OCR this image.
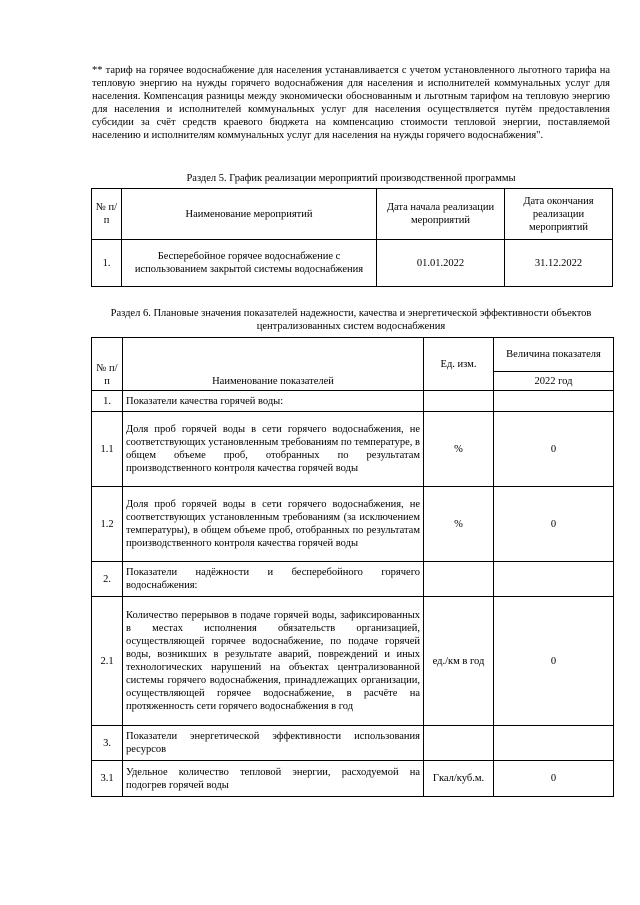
** тариф на горячее водоснабжение для населения устанавливается с учетом установленного льготного тарифа на тепловую энергию на нужды горячего водоснабжения для населения и исполнителей коммунальных услуг для населения. Компенсация разницы между экономически обоснованным и льготным тарифом на тепловую энергию для населения и исполнителей коммунальных услуг для населения осуществляется путём предоставления субсидии за счёт средств краевого бюджета на компенсацию стоимости тепловой энергии, поставляемой населению и исполнителям коммунальных услуг для населения на нужды горячего водоснабжения".

Раздел 5. График реализации мероприятий производственной программы

№ п/п	Наименование мероприятий	Дата начала реализации мероприятий	Дата окончания реализации мероприятий
1.	Бесперебойное горячее водоснабжение с использованием закрытой системы водоснабжения	01.01.2022	31.12.2022

Раздел 6. Плановые значения показателей надежности, качества и энергетической эффективности объектов централизованных систем водоснабжения

№ п/п	Наименование показателей	Ед. изм.	Величина показателя
			2022 год
1.	Показатели качества горячей воды:		
1.1	Доля проб горячей воды в сети горячего водоснабжения, не соответствующих установленным требованиям по температуре, в общем объеме проб, отобранных по результатам производственного контроля качества горячей воды	%	0
1.2	Доля проб горячей воды в сети горячего водоснабжения, не соответствующих установленным требованиям (за исключением температуры), в общем объеме проб, отобранных по результатам производственного контроля качества горячей воды	%	0
2.	Показатели надёжности и бесперебойного горячего водоснабжения:		
2.1	Количество перерывов в подаче горячей воды, зафиксированных в местах исполнения обязательств организацией, осуществляющей горячее водоснабжение, по подаче горячей воды, возникших в результате аварий, повреждений и иных технологических нарушений на объектах централизованной системы горячего водоснабжения, принадлежащих организации, осуществляющей горячее водоснабжение, в расчёте на протяженность сети горячего водоснабжения в год	ед./км в год	0
3.	Показатели энергетической эффективности использования ресурсов		
3.1	Удельное количество тепловой энергии, расходуемой на подогрев горячей воды	Гкал/куб.м.	0
